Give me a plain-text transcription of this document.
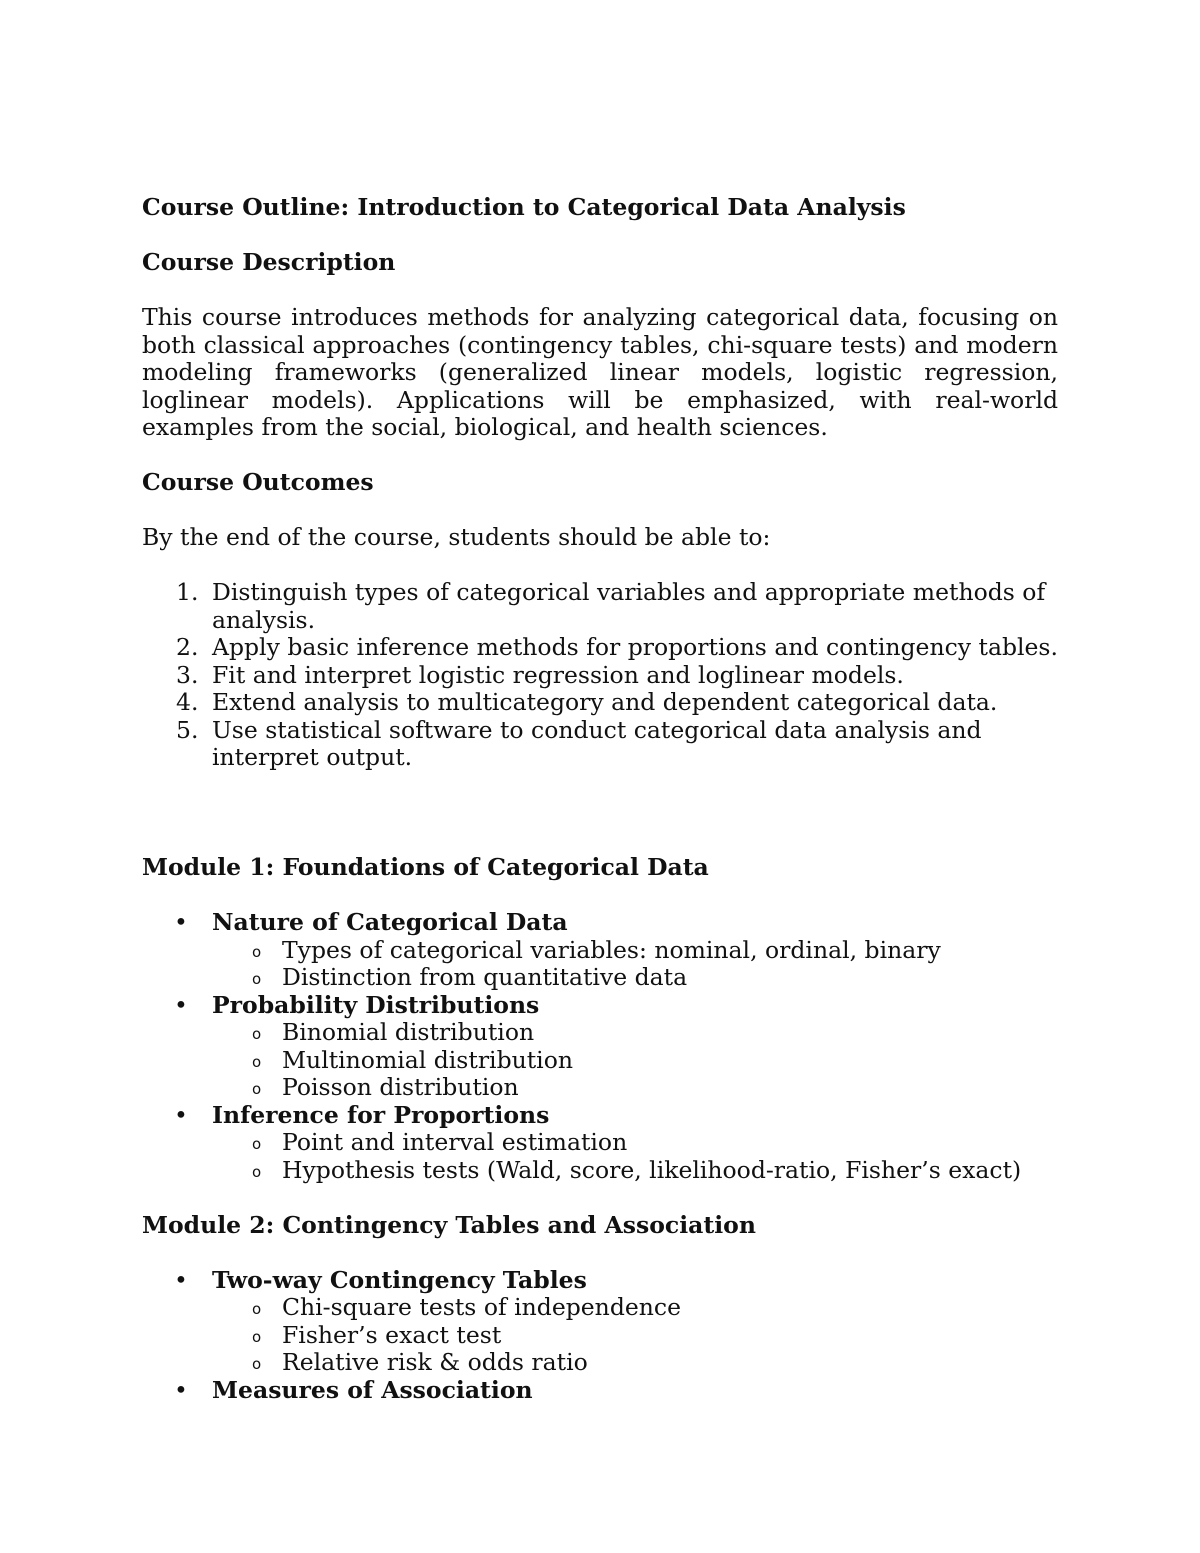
Course Outline: Introduction to Categorical Data Analysis

Course Description

This course introduces methods for analyzing categorical data, focusing on both classical approaches (contingency tables, chi-square tests) and modern modeling frameworks (generalized linear models, logistic regression, loglinear models). Applications will be emphasized, with real-world examples from the social, biological, and health sciences.

Course Outcomes

By the end of the course, students should be able to:

1. Distinguish types of categorical variables and appropriate methods of analysis.
2. Apply basic inference methods for proportions and contingency tables.
3. Fit and interpret logistic regression and loglinear models.
4. Extend analysis to multicategory and dependent categorical data.
5. Use statistical software to conduct categorical data analysis and interpret output.

Module 1: Foundations of Categorical Data

• Nature of Categorical Data
o Types of categorical variables: nominal, ordinal, binary
o Distinction from quantitative data
• Probability Distributions
o Binomial distribution
o Multinomial distribution
o Poisson distribution
• Inference for Proportions
o Point and interval estimation
o Hypothesis tests (Wald, score, likelihood-ratio, Fisher’s exact)

Module 2: Contingency Tables and Association

• Two-way Contingency Tables
o Chi-square tests of independence
o Fisher’s exact test
o Relative risk & odds ratio
• Measures of Association
